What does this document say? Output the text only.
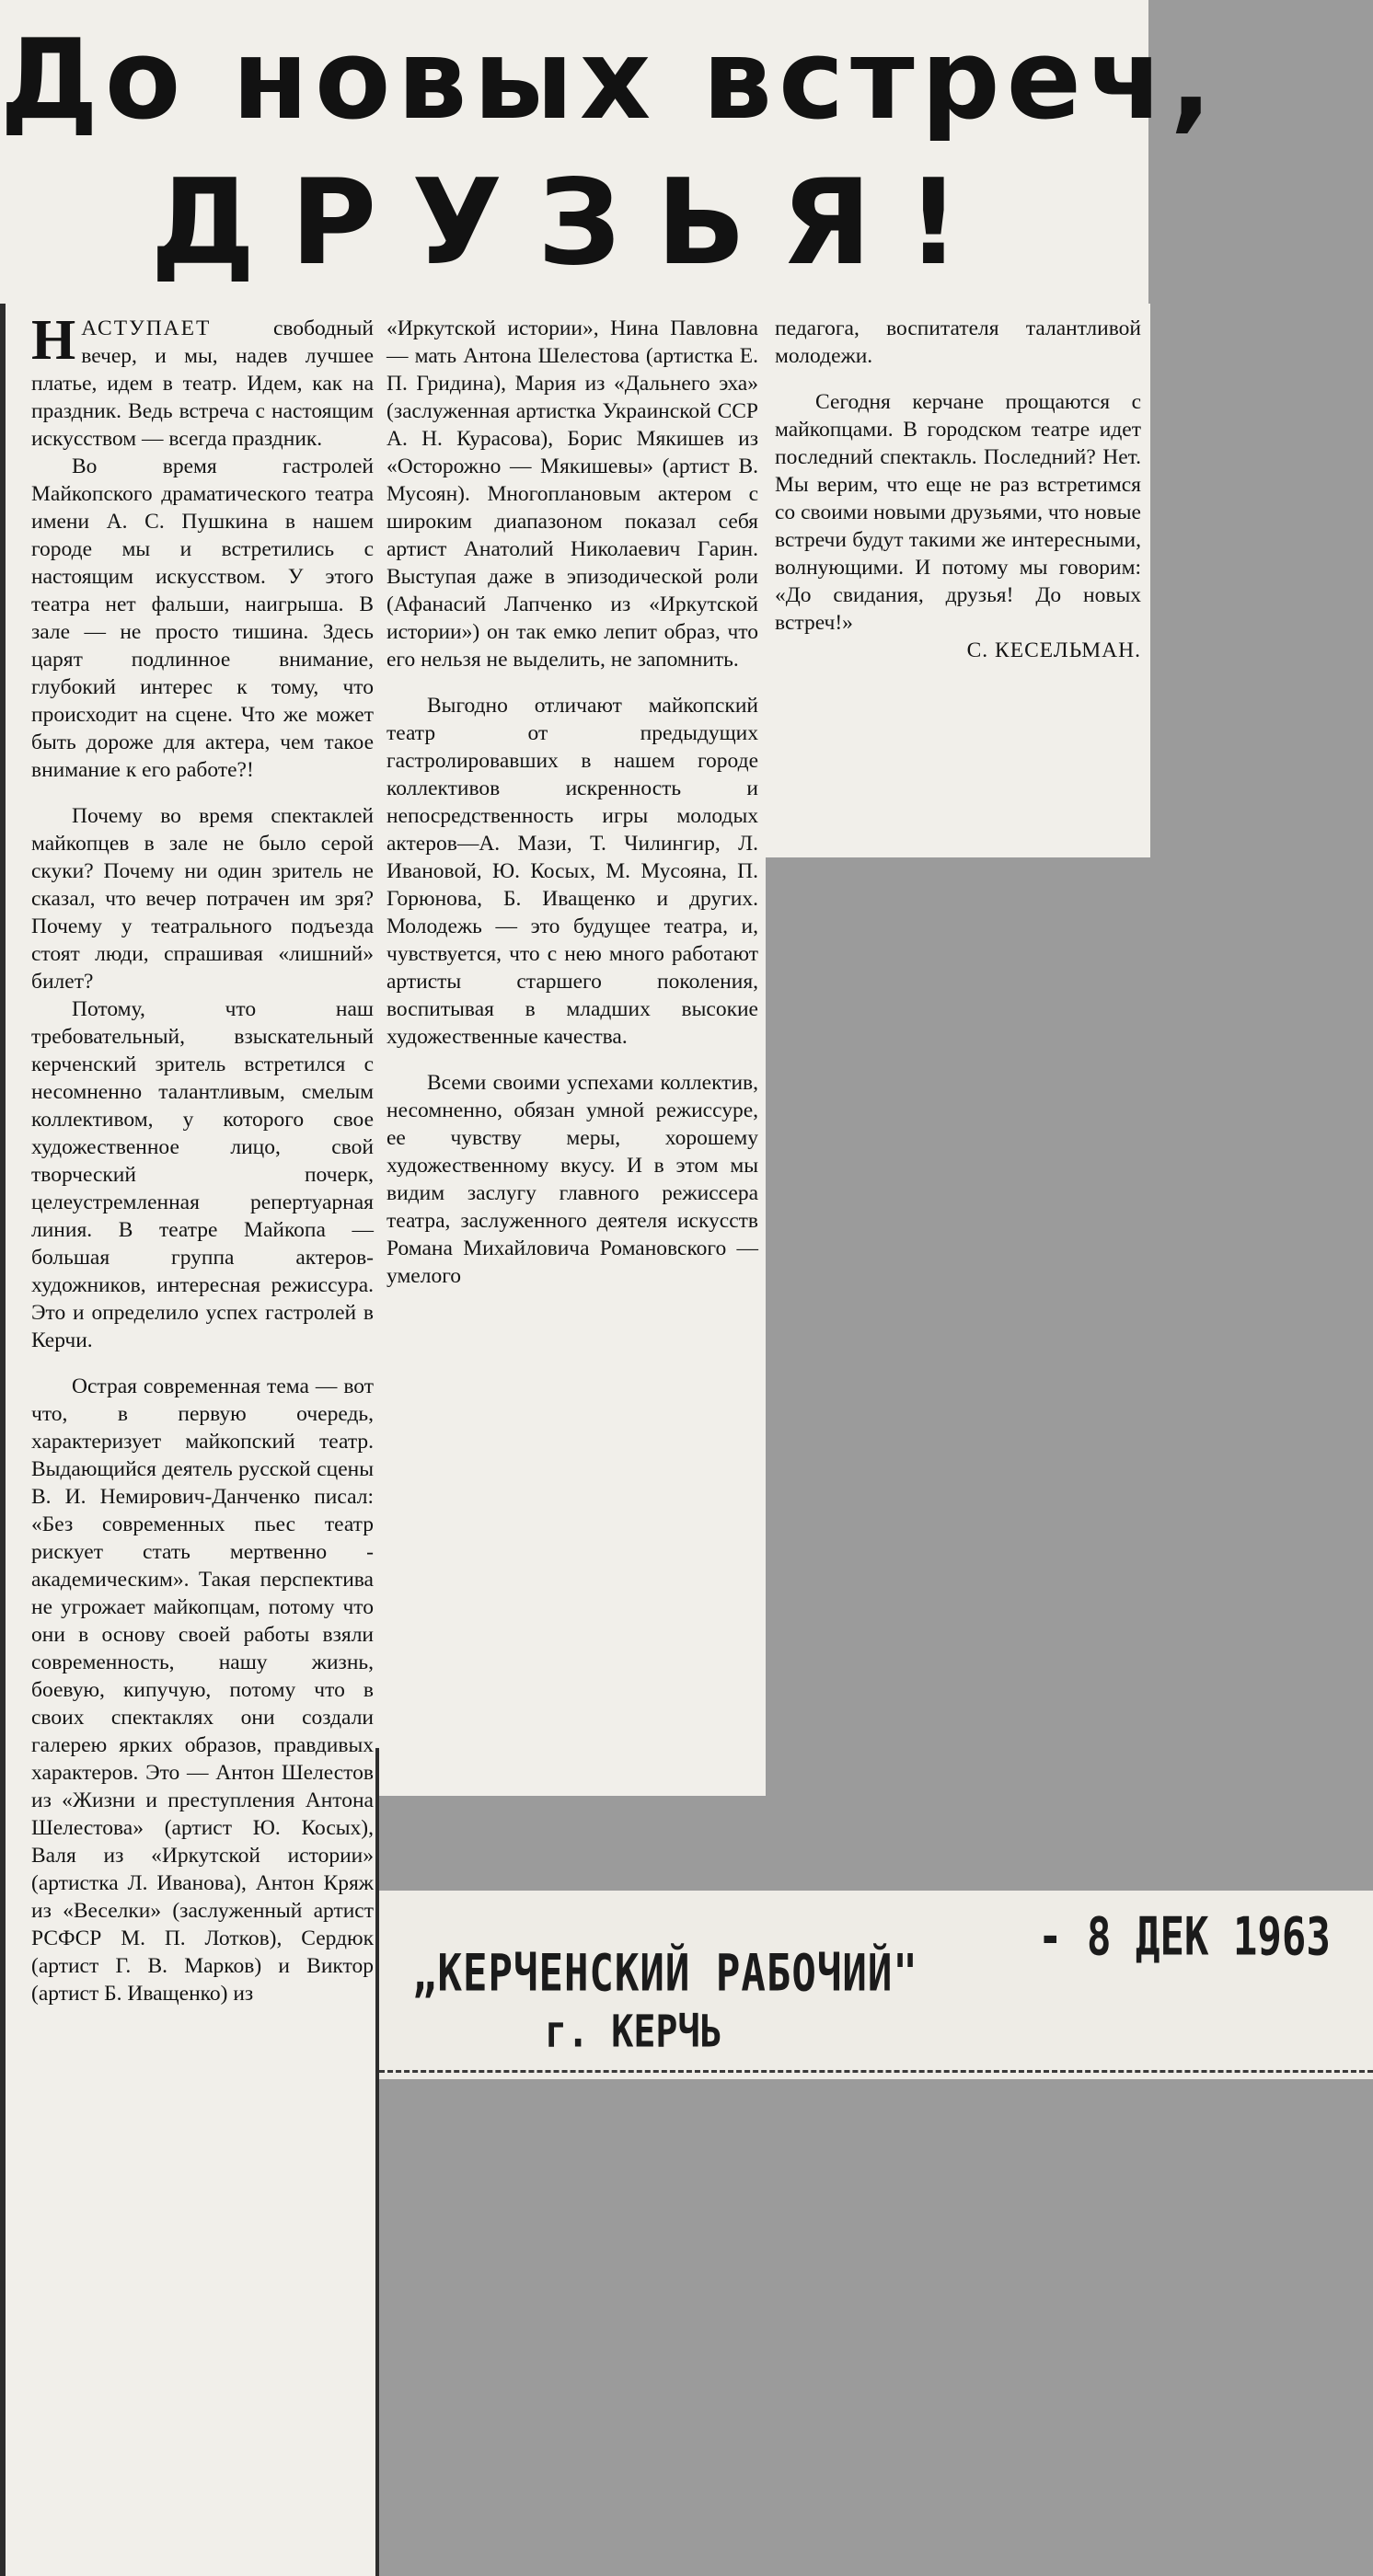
До новых встреч,
ДРУЗЬЯ!

НАСТУПАЕТ свободный вечер, и мы, надев лучшее платье, идем в театр. Идем, как на праздник. Ведь встреча с настоящим искусством — всегда праздник.

Во время гастролей Майкопского драматического театра имени А. С. Пушкина в нашем городе мы и встретились с настоящим искусством. У этого театра нет фальши, наигрыша. В зале — не просто тишина. Здесь царят подлинное внимание, глубокий интерес к тому, что происходит на сцене. Что же может быть дороже для актера, чем такое внимание к его работе?!

Почему во время спектаклей майкопцев в зале не было серой скуки? Почему ни один зритель не сказал, что вечер потрачен им зря? Почему у театрального подъезда стоят люди, спрашивая «лишний» билет?

Потому, что наш требовательный, взыскательный керченский зритель встретился с несомненно талантливым, смелым коллективом, у которого свое художественное лицо, свой творческий почерк, целеустремленная репертуарная линия. В театре Майкопа — большая группа актеров-художников, интересная режиссура. Это и определило успех гастролей в Керчи.

Острая современная тема — вот что, в первую очередь, характеризует майкопский театр. Выдающийся деятель русской сцены В. И. Немирович-Данченко писал: «Без современных пьес театр рискует стать мертвенно - академическим». Такая перспектива не угрожает майкопцам, потому что они в основу своей работы взяли современность, нашу жизнь, боевую, кипучую, потому что в своих спектаклях они создали галерею ярких образов, правдивых характеров. Это — Антон Шелестов из «Жизни и преступления Антона Шелестова» (артист Ю. Косых), Валя из «Иркутской истории» (артистка Л. Иванова), Антон Кряж из «Веселки» (заслуженный артист РСФСР М. П. Лотков), Сердюк (артист Г. В. Марков) и Виктор (артист Б. Иващенко) из

«Иркутской истории», Нина Павловна — мать Антона Шелестова (артистка Е. П. Гридина), Мария из «Дальнего эха» (заслуженная артистка Украинской ССР А. Н. Курасова), Борис Мякишев из «Осторожно — Мякишевы» (артист В. Мусоян). Многоплановым актером с широким диапазоном показал себя артист Анатолий Николаевич Гарин. Выступая даже в эпизодической роли (Афанасий Лапченко из «Иркутской истории») он так емко лепит образ, что его нельзя не выделить, не запомнить.

Выгодно отличают майкопский театр от предыдущих гастролировавших в нашем городе коллективов искренность и непосредственность игры молодых актеров—А. Мази, Т. Чилингир, Л. Ивановой, Ю. Косых, М. Мусояна, П. Горюнова, Б. Иващенко и других. Молодежь — это будущее театра, и, чувствуется, что с нею много работают артисты старшего поколения, воспитывая в младших высокие художественные качества.

Всеми своими успехами коллектив, несомненно, обязан умной режиссуре, ее чувству меры, хорошему художественному вкусу. И в этом мы видим заслугу главного режиссера театра, заслуженного деятеля искусств Романа Михайловича Романовского — умелого

педагога, воспитателя талантливой молодежи.

Сегодня керчане прощаются с майкопцами. В городском театре идет последний спектакль. Последний? Нет. Мы верим, что еще не раз встретимся со своими новыми друзьями, что новые встречи будут такими же интересными, волнующими. И потому мы говорим: «До свидания, друзья! До новых встреч!»

С. КЕСЕЛЬМАН.

- 8 ДЕК 1963
„КЕРЧЕНСКИЙ РАБОЧИЙ"
г. КЕРЧЬ
